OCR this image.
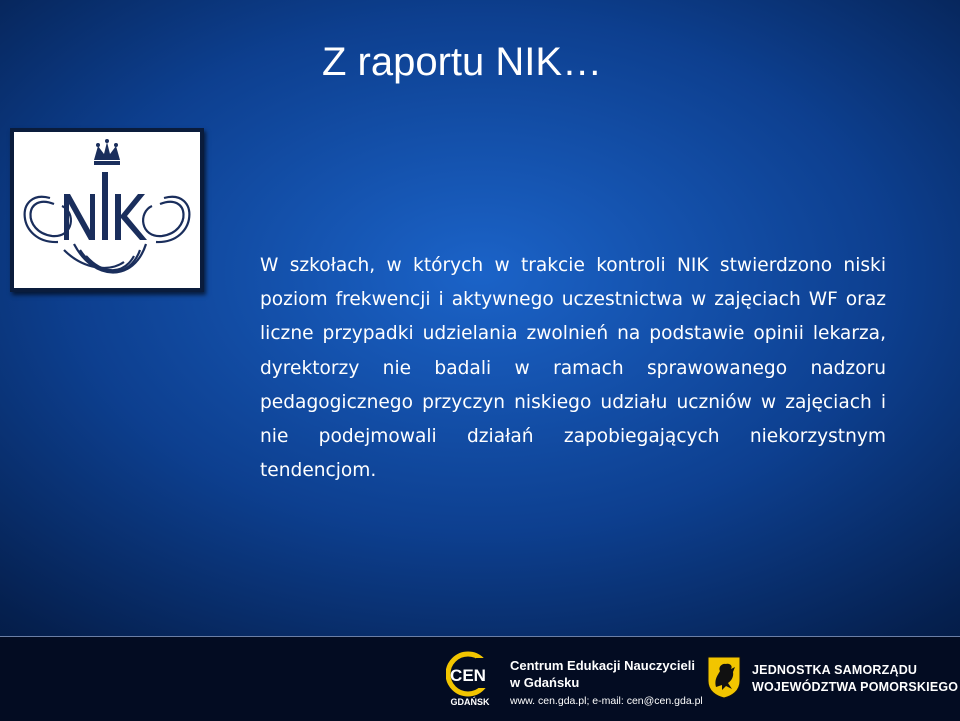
Z raportu NIK…

W szkołach, w których w trakcie kontroli NIK stwierdzono niski poziom frekwencji i aktywnego uczestnictwa w zajęciach WF oraz liczne przypadki udzielania zwolnień na podstawie opinii lekarza, dyrektorzy nie badali w ramach sprawowanego nadzoru pedagogicznego przyczyn niskiego udziału uczniów w zajęciach i nie podejmowali działań zapobiegających niekorzystnym tendencjom.

CEN
GDAŃSK
Centrum Edukacji Nauczycieli
w Gdańsku
www. cen.gda.pl; e-mail: cen@cen.gda.pl
JEDNOSTKA SAMORZĄDU
WOJEWÓDZTWA POMORSKIEGO
